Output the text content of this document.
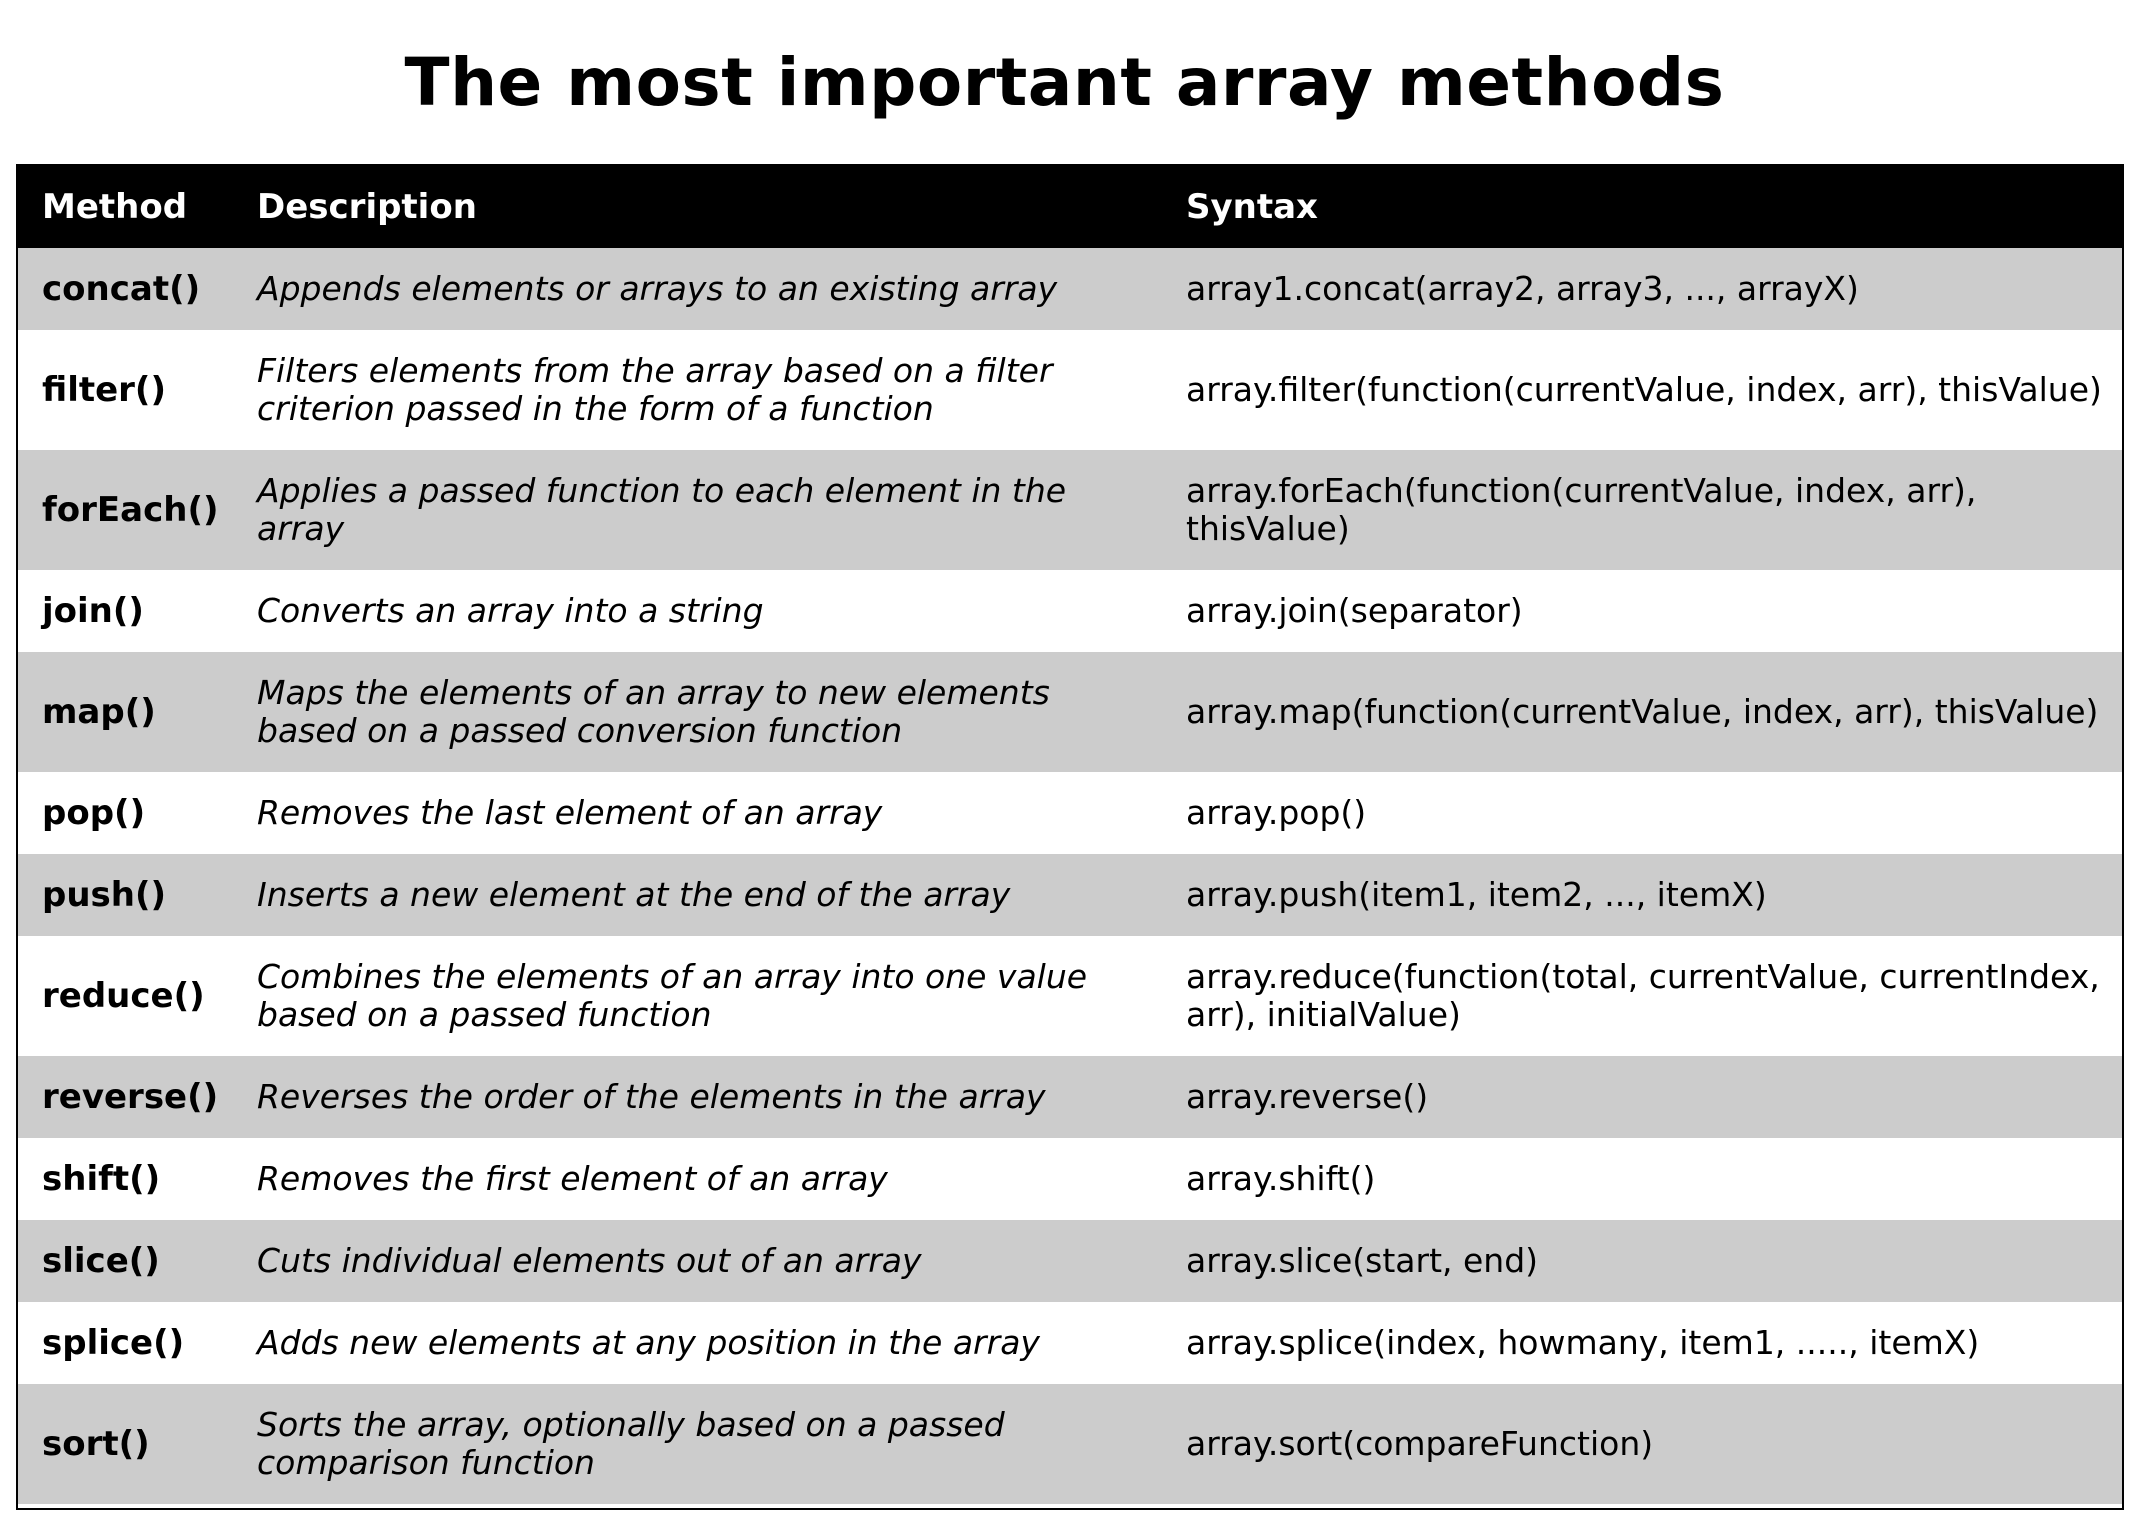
The most important array methods
Method	Description	Syntax
concat()	Appends elements or arrays to an existing array	array1.concat(array2, array3, ..., arrayX)
filter()	Filters elements from the array based on a filter criterion passed in the form of a function	array.filter(function(currentValue, index, arr), thisValue)
forEach()	Applies a passed function to each element in the array	array.forEach(function(currentValue, index, arr), thisValue)
join()	Converts an array into a string	array.join(separator)
map()	Maps the elements of an array to new elements based on a passed conversion function	array.map(function(currentValue, index, arr), thisValue)
pop()	Removes the last element of an array	array.pop()
push()	Inserts a new element at the end of the array	array.push(item1, item2, ..., itemX)
reduce()	Combines the elements of an array into one value based on a passed function	array.reduce(function(total, currentValue, currentIndex, arr), initialValue)
reverse()	Reverses the order of the elements in the array	array.reverse()
shift()	Removes the first element of an array	array.shift()
slice()	Cuts individual elements out of an array	array.slice(start, end)
splice()	Adds new elements at any position in the array	array.splice(index, howmany, item1, ....., itemX)
sort()	Sorts the array, optionally based on a passed comparison function	array.sort(compareFunction)
